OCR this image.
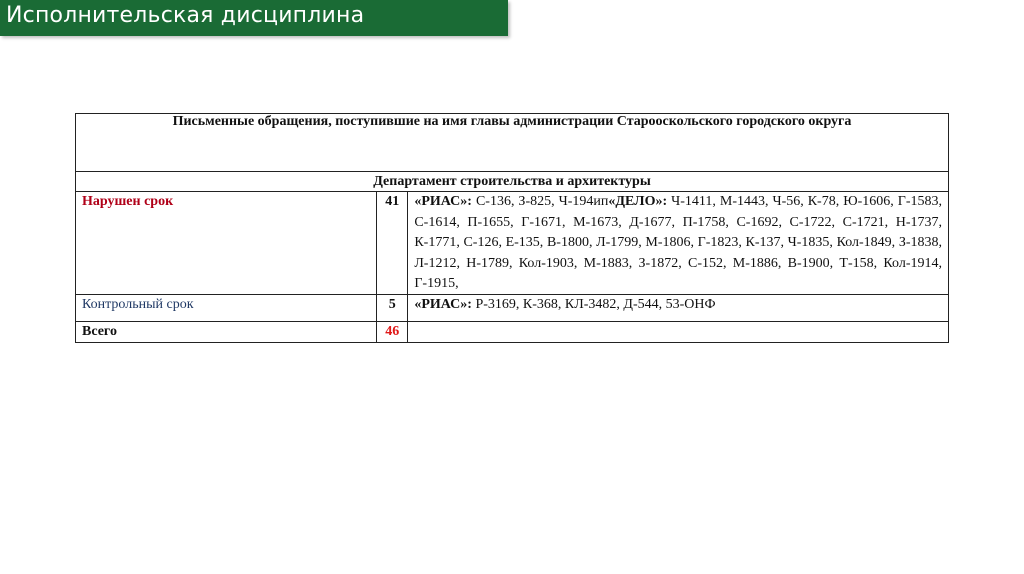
Исполнительская дисциплина
Письменные обращения, поступившие на имя главы администрации Старооскольского городского округа		

Департамент строительства и архитектуры		
Нарушен срок	41	«РИАС»: С-136, З-825, Ч-194ип«ДЕЛО»: Ч-1411, М-1443, Ч-56, К-78, Ю-1606, Г-1583, С-1614, П-1655, Г-1671, М-1673, Д-1677, П-1758, С-1692, С-1722, С-1721, Н-1737, К-1771, С-126, Е-135, В-1800, Л-1799, М-1806, Г-1823, К-137, Ч-1835, Кол-1849, З-1838, Л-1212, Н-1789, Кол-1903, М-1883, З-1872, С-152, М-1886, В-1900, Т-158, Кол-1914, Г-1915,

Контрольный срок	5	«РИАС»: Р-3169, К-368, КЛ-3482, Д-544, 53-ОНФ
Всего	46	
